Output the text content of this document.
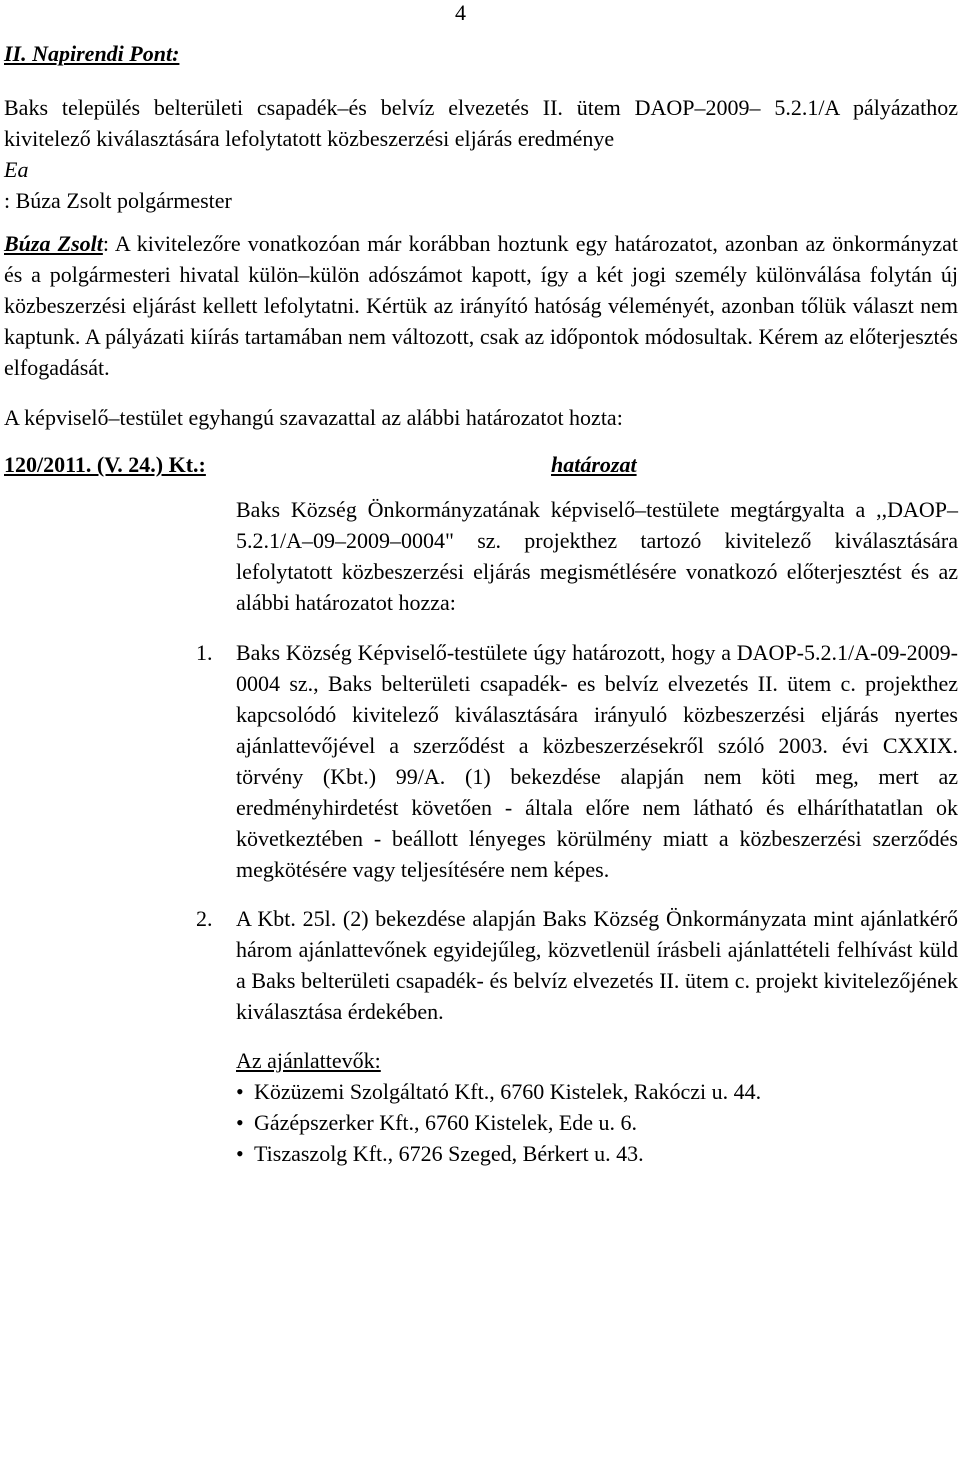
4

II. Napirendi Pont:

Baks település belterületi csapadék–és belvíz elvezetés II. ütem DAOP–2009– 5.2.1/A pályázathoz kivitelező kiválasztására lefolytatott közbeszerzési eljárás eredménye
Ea
: Búza Zsolt polgármester
Búza Zsolt: A kivitelezőre vonatkozóan már korábban hoztunk egy határozatot, azonban az önkormányzat és a polgármesteri hivatal külön–külön adószámot kapott, így a két jogi személy különválása folytán új közbeszerzési eljárást kellett lefolytatni. Kértük az irányító hatóság véleményét, azonban tőlük választ nem kaptunk. A pályázati kiírás tartamában nem változott, csak az időpontok módosultak. Kérem az előterjesztés elfogadását.
A képviselő–testület egyhangú szavazattal az alábbi határozatot hozta:
120/2011. (V. 24.) Kt.:	határozat
Baks Község Önkormányzatának képviselő–testülete megtárgyalta a ,,DAOP–5.2.1/A–09–2009–0004" sz. projekthez tartozó kivitelező kiválasztására lefolytatott közbeszerzési eljárás megismétlésére vonatkozó előterjesztést és az alábbi határozatot hozza:
1.	Baks Község Képviselő-testülete úgy határozott, hogy a DAOP-5.2.1/A-09-2009-0004 sz., Baks belterületi csapadék- es belvíz elvezetés II. ütem c. projekthez kapcsolódó kivitelező kiválasztására irányuló közbeszerzési eljárás nyertes ajánlattevőjével a szerződést a közbeszerzésekről szóló 2003. évi CXXIX. törvény (Kbt.) 99/A. (1) bekezdése alapján nem köti meg, mert az eredményhirdetést követően - általa előre nem látható és elháríthatatlan ok következtében - beállott lényeges körülmény miatt a közbeszerzési szerződés megkötésére vagy teljesítésére nem képes.
2.	A Kbt. 25l. (2) bekezdése alapján Baks Község Önkormányzata mint ajánlatkérő három ajánlattevőnek egyidejűleg, közvetlenül írásbeli ajánlattételi felhívást küld a Baks belterületi csapadék- és belvíz elvezetés II. ütem c. projekt kivitelezőjének kiválasztása érdekében.
Az ajánlattevők:
• Közüzemi Szolgáltató Kft., 6760 Kistelek, Rakóczi u. 44.
• Gázépszerker Kft., 6760 Kistelek, Ede u. 6.
• Tiszaszolg Kft., 6726 Szeged, Bérkert u. 43.
